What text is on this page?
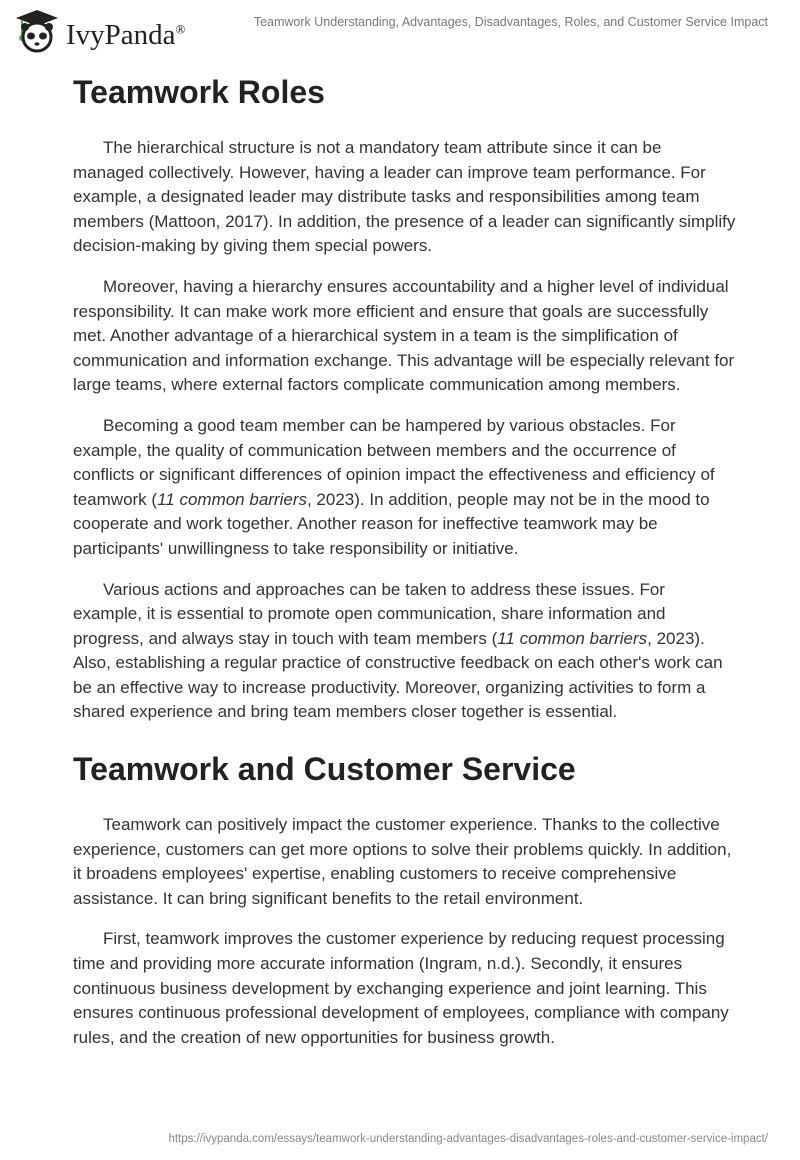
IvyPanda®	Teamwork Understanding, Advantages, Disadvantages, Roles, and Customer Service Impact
Teamwork Roles

The hierarchical structure is not a mandatory team attribute since it can be managed collectively. However, having a leader can improve team performance. For example, a designated leader may distribute tasks and responsibilities among team members (Mattoon, 2017). In addition, the presence of a leader can significantly simplify decision-making by giving them special powers.

Moreover, having a hierarchy ensures accountability and a higher level of individual responsibility. It can make work more efficient and ensure that goals are successfully met. Another advantage of a hierarchical system in a team is the simplification of communication and information exchange. This advantage will be especially relevant for large teams, where external factors complicate communication among members.

Becoming a good team member can be hampered by various obstacles. For example, the quality of communication between members and the occurrence of conflicts or significant differences of opinion impact the effectiveness and efficiency of teamwork (11 common barriers, 2023). In addition, people may not be in the mood to cooperate and work together. Another reason for ineffective teamwork may be participants' unwillingness to take responsibility or initiative.

Various actions and approaches can be taken to address these issues. For example, it is essential to promote open communication, share information and progress, and always stay in touch with team members (11 common barriers, 2023). Also, establishing a regular practice of constructive feedback on each other's work can be an effective way to increase productivity. Moreover, organizing activities to form a shared experience and bring team members closer together is essential.

Teamwork and Customer Service

Teamwork can positively impact the customer experience. Thanks to the collective experience, customers can get more options to solve their problems quickly. In addition, it broadens employees' expertise, enabling customers to receive comprehensive assistance. It can bring significant benefits to the retail environment.

First, teamwork improves the customer experience by reducing request processing time and providing more accurate information (Ingram, n.d.). Secondly, it ensures continuous business development by exchanging experience and joint learning. This ensures continuous professional development of employees, compliance with company rules, and the creation of new opportunities for business growth.

https://ivypanda.com/essays/teamwork-understanding-advantages-disadvantages-roles-and-customer-service-impact/
